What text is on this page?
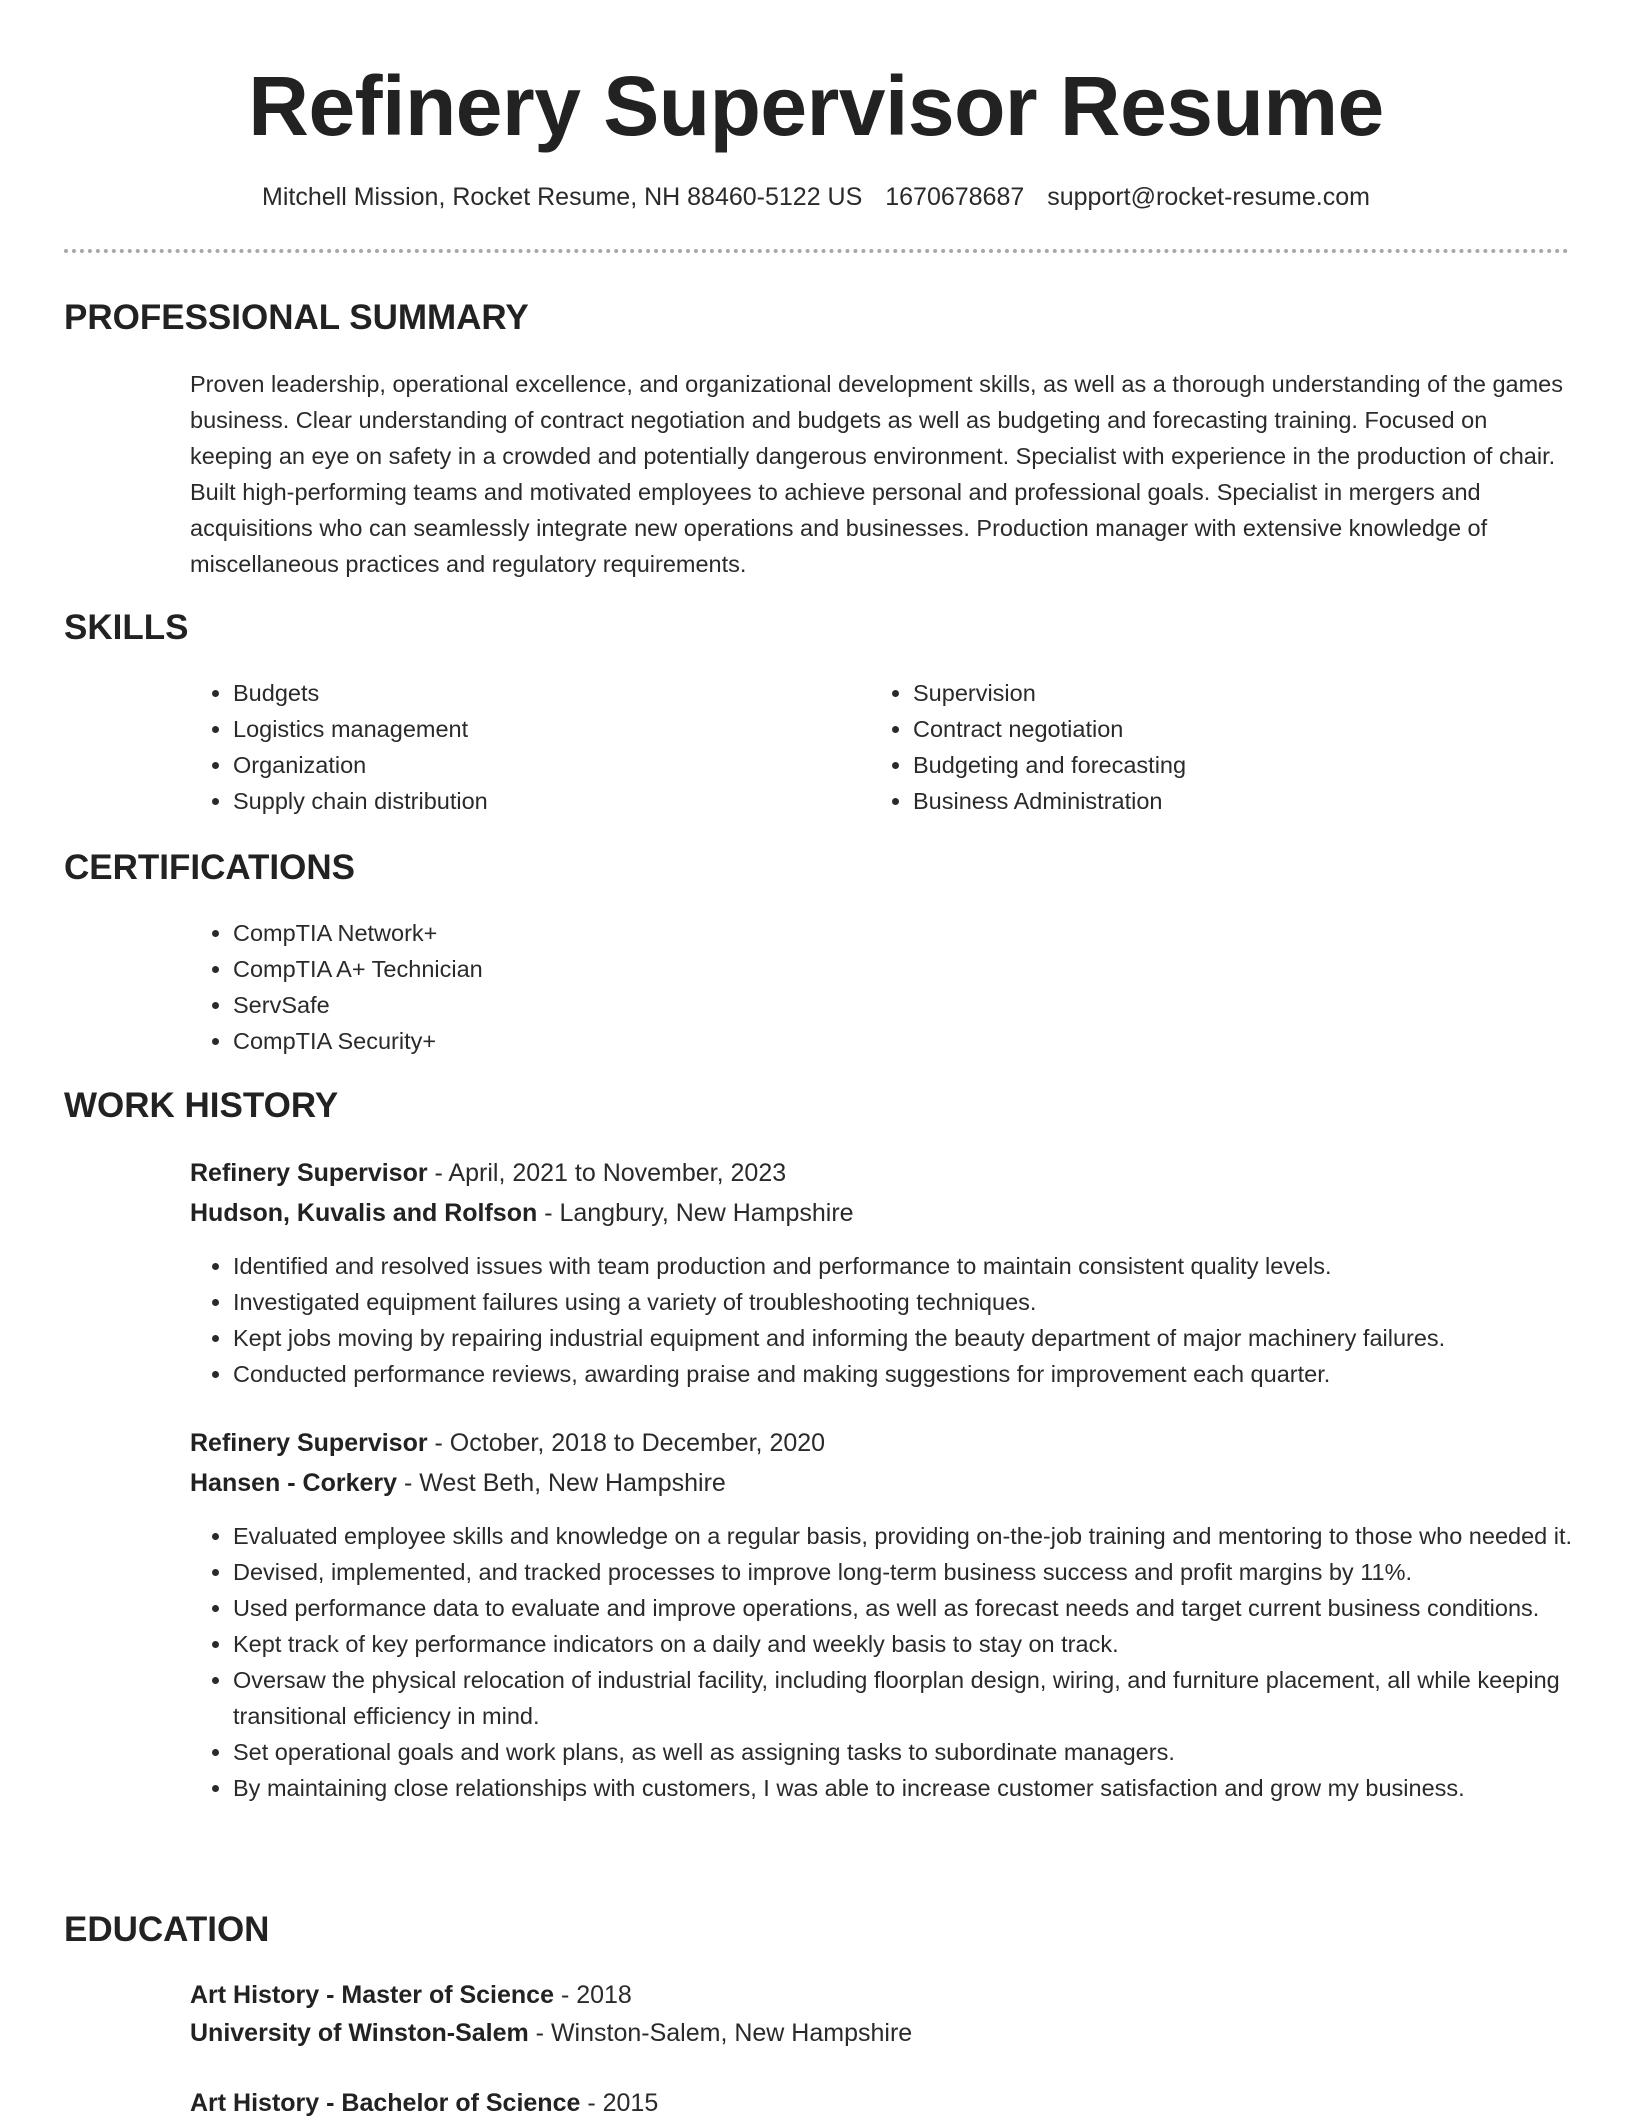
Refinery Supervisor Resume
Mitchell Mission, Rocket Resume, NH 88460-5122 US 1670678687 support@rocket-resume.com
PROFESSIONAL SUMMARY
Proven leadership, operational excellence, and organizational development skills, as well as a thorough understanding of the games business. Clear understanding of contract negotiation and budgets as well as budgeting and forecasting training. Focused on keeping an eye on safety in a crowded and potentially dangerous environment. Specialist with experience in the production of chair. Built high-performing teams and motivated employees to achieve personal and professional goals. Specialist in mergers and acquisitions who can seamlessly integrate new operations and businesses. Production manager with extensive knowledge of miscellaneous practices and regulatory requirements.
SKILLS
• Budgets
• Logistics management
• Organization
• Supply chain distribution
• Supervision
• Contract negotiation
• Budgeting and forecasting
• Business Administration
CERTIFICATIONS
• CompTIA Network+
• CompTIA A+ Technician
• ServSafe
• CompTIA Security+
WORK HISTORY
Refinery Supervisor - April, 2021 to November, 2023
Hudson, Kuvalis and Rolfson - Langbury, New Hampshire
• Identified and resolved issues with team production and performance to maintain consistent quality levels.
• Investigated equipment failures using a variety of troubleshooting techniques.
• Kept jobs moving by repairing industrial equipment and informing the beauty department of major machinery failures.
• Conducted performance reviews, awarding praise and making suggestions for improvement each quarter.
Refinery Supervisor - October, 2018 to December, 2020
Hansen - Corkery - West Beth, New Hampshire
• Evaluated employee skills and knowledge on a regular basis, providing on-the-job training and mentoring to those who needed it.
• Devised, implemented, and tracked processes to improve long-term business success and profit margins by 11%.
• Used performance data to evaluate and improve operations, as well as forecast needs and target current business conditions.
• Kept track of key performance indicators on a daily and weekly basis to stay on track.
• Oversaw the physical relocation of industrial facility, including floorplan design, wiring, and furniture placement, all while keeping transitional efficiency in mind.
• Set operational goals and work plans, as well as assigning tasks to subordinate managers.
• By maintaining close relationships with customers, I was able to increase customer satisfaction and grow my business.
EDUCATION
Art History - Master of Science - 2018
University of Winston-Salem - Winston-Salem, New Hampshire
Art History - Bachelor of Science - 2015
